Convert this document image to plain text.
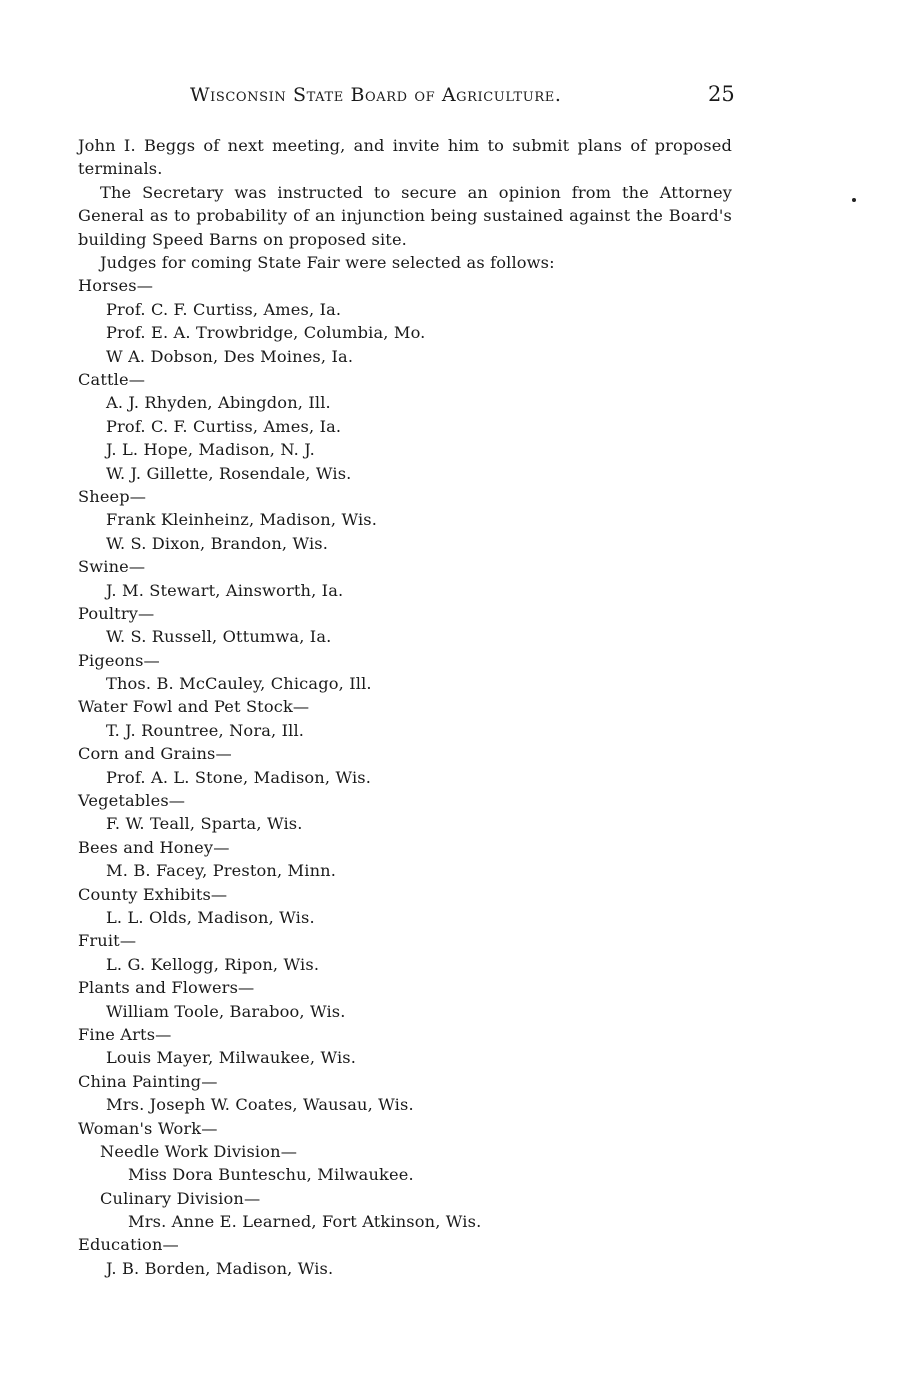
Wisconsin State Board of Agriculture.	25

John I. Beggs of next meeting, and invite him to submit plans of proposed terminals.

The Secretary was instructed to secure an opinion from the Attorney General as to probability of an injunction being sustained against the Board's building Speed Barns on proposed site.

Judges for coming State Fair were selected as follows:

Horses—
Prof. C. F. Curtiss, Ames, Ia.
Prof. E. A. Trowbridge, Columbia, Mo.
W A. Dobson, Des Moines, Ia.
Cattle—
A. J. Rhyden, Abingdon, Ill.
Prof. C. F. Curtiss, Ames, Ia.
J. L. Hope, Madison, N. J.
W. J. Gillette, Rosendale, Wis.
Sheep—
Frank Kleinheinz, Madison, Wis.
W. S. Dixon, Brandon, Wis.
Swine—
J. M. Stewart, Ainsworth, Ia.
Poultry—
W. S. Russell, Ottumwa, Ia.
Pigeons—
Thos. B. McCauley, Chicago, Ill.
Water Fowl and Pet Stock—
T. J. Rountree, Nora, Ill.
Corn and Grains—
Prof. A. L. Stone, Madison, Wis.
Vegetables—
F. W. Teall, Sparta, Wis.
Bees and Honey—
M. B. Facey, Preston, Minn.
County Exhibits—
L. L. Olds, Madison, Wis.
Fruit—
L. G. Kellogg, Ripon, Wis.
Plants and Flowers—
William Toole, Baraboo, Wis.
Fine Arts—
Louis Mayer, Milwaukee, Wis.
China Painting—
Mrs. Joseph W. Coates, Wausau, Wis.
Woman's Work—
Needle Work Division—
Miss Dora Bunteschu, Milwaukee.
Culinary Division—
Mrs. Anne E. Learned, Fort Atkinson, Wis.
Education—
J. B. Borden, Madison, Wis.
